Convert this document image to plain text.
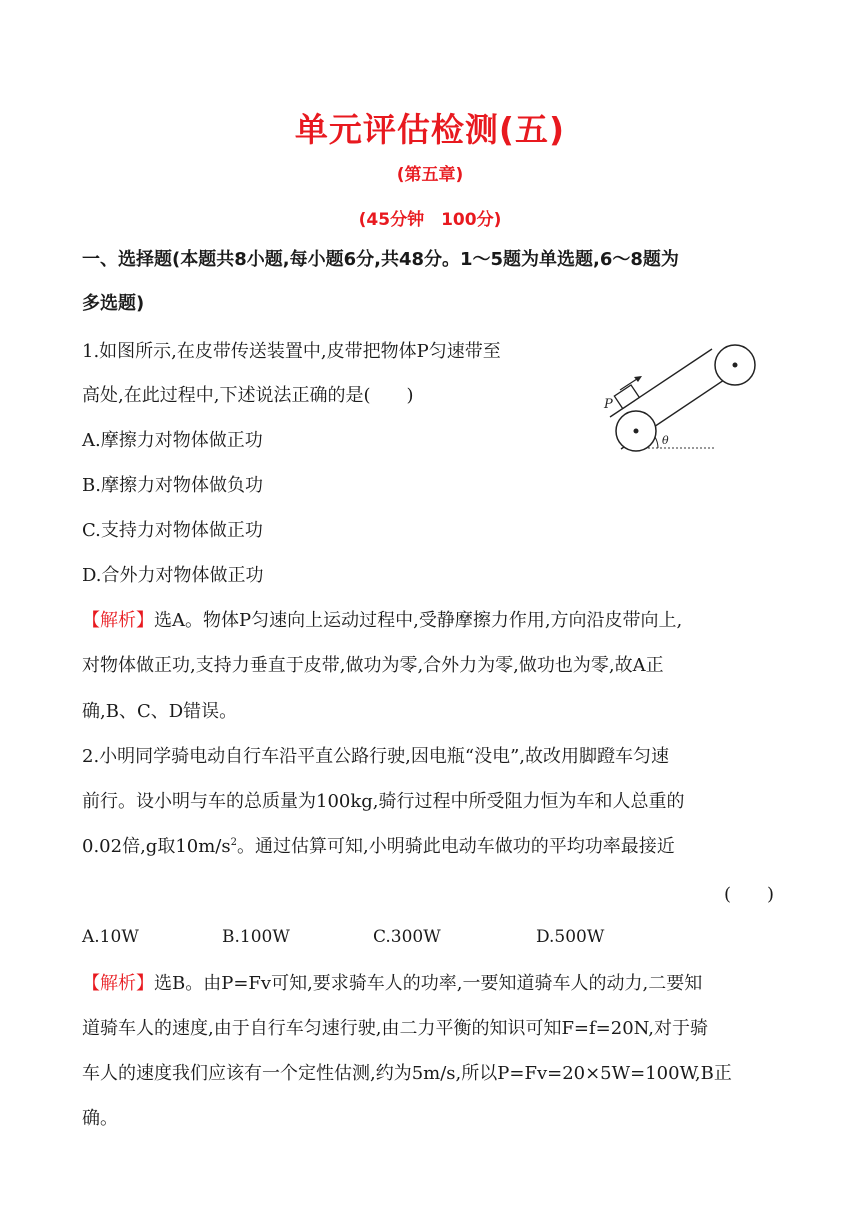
单元评估检测(五)
(第五章)
(45分钟　100分)
一、选择题(本题共8小题,每小题6分,共48分。1～5题为单选题,6～8题为
多选题)
1.如图所示,在皮带传送装置中,皮带把物体P匀速带至
高处,在此过程中,下述说法正确的是(　　)
A.摩擦力对物体做正功
B.摩擦力对物体做负功
C.支持力对物体做正功
D.合外力对物体做正功
【解析】选A。物体P匀速向上运动过程中,受静摩擦力作用,方向沿皮带向上,
对物体做正功,支持力垂直于皮带,做功为零,合外力为零,做功也为零,故A正
确,B、C、D错误。
P
θ
2.小明同学骑电动自行车沿平直公路行驶,因电瓶“没电”,故改用脚蹬车匀速
前行。设小明与车的总质量为100kg,骑行过程中所受阻力恒为车和人总重的
0.02倍,g取$10m/s^2$。通过估算可知,小明骑此电动车做功的平均功率最接近
(　　)
A.10W	B.100W	C.300W	D.500W
【解析】选B。由P=Fv可知,要求骑车人的功率,一要知道骑车人的动力,二要知
道骑车人的速度,由于自行车匀速行驶,由二力平衡的知识可知F=f=20N,对于骑
车人的速度我们应该有一个定性估测,约为5m/s,所以P=Fv=20×5W=100W,B正
确。
